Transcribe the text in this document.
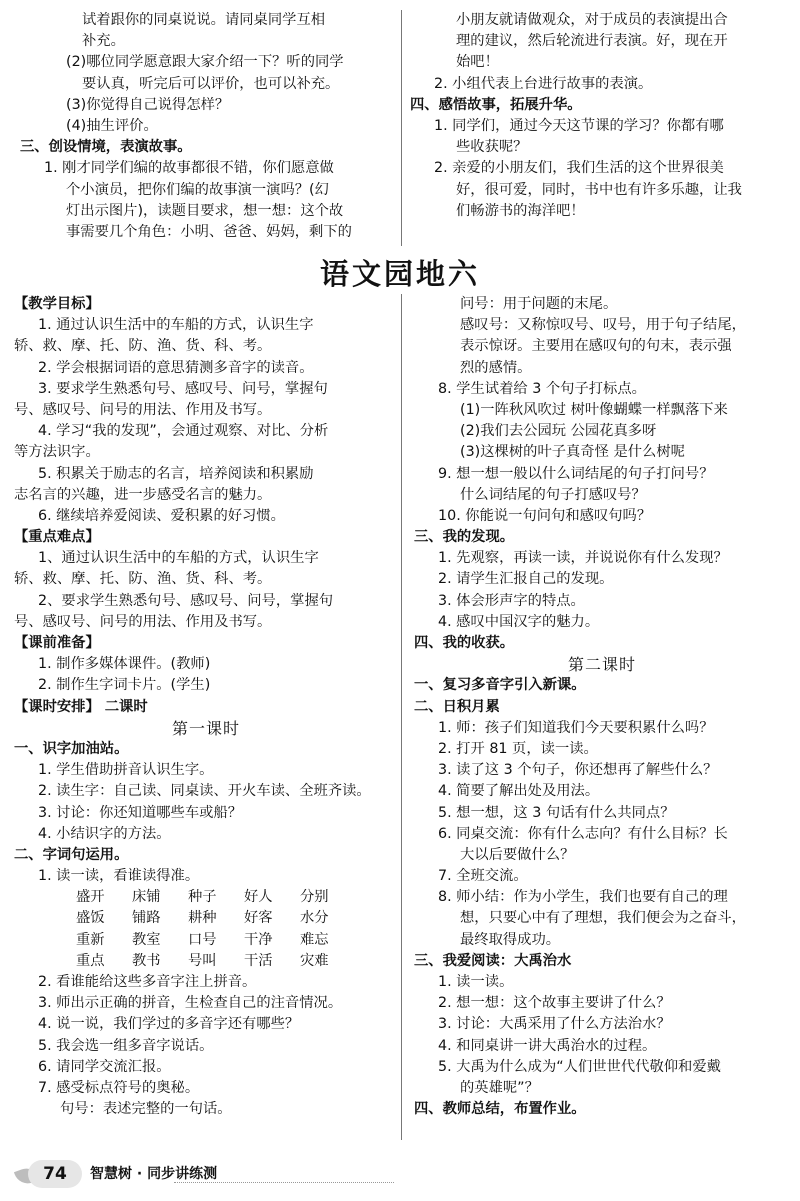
试着跟你的同桌说说。请同桌同学互相
补充。
(2)哪位同学愿意跟大家介绍一下？听的同学
要认真，听完后可以评价，也可以补充。
(3)你觉得自己说得怎样？
(4)抽生评价。
三、创设情境，表演故事。
1. 刚才同学们编的故事都很不错，你们愿意做
个小演员，把你们编的故事演一演吗？(幻
灯出示图片)，读题目要求，想一想：这个故
事需要几个角色：小明、爸爸、妈妈，剩下的
小朋友就请做观众，对于成员的表演提出合
理的建议，然后轮流进行表演。好，现在开
始吧！
2. 小组代表上台进行故事的表演。
四、感悟故事，拓展升华。
1. 同学们，通过今天这节课的学习？你都有哪
些收获呢？
2. 亲爱的小朋友们，我们生活的这个世界很美
好，很可爱，同时，书中也有许多乐趣，让我
们畅游书的海洋吧！
语文园地六
【教学目标】
1. 通过认识生活中的车船的方式，认识生字
轿、救、摩、托、防、渔、货、科、考。
2. 学会根据词语的意思猜测多音字的读音。
3. 要求学生熟悉句号、感叹号、问号，掌握句
号、感叹号、问号的用法、作用及书写。
4. 学习“我的发现”，会通过观察、对比、分析
等方法识字。
5. 积累关于励志的名言，培养阅读和积累励
志名言的兴趣，进一步感受名言的魅力。
6. 继续培养爱阅读、爱积累的好习惯。
【重点难点】
1、通过认识生活中的车船的方式，认识生字
轿、救、摩、托、防、渔、货、科、考。
2、要求学生熟悉句号、感叹号、问号，掌握句
号、感叹号、问号的用法、作用及书写。
【课前准备】
1. 制作多媒体课件。(教师)
2. 制作生字词卡片。(学生)
【课时安排】 二课时
第一课时
一、识字加油站。
1. 学生借助拼音认识生字。
2. 读生字：自己读、同桌读、开火车读、全班齐读。
3. 讨论：你还知道哪些车或船？
4. 小结识字的方法。
二、字词句运用。
1. 读一读，看谁读得准。
盛开	床铺	种子	好人	分别
盛饭	铺路	耕种	好客	水分
重新	教室	口号	干净	难忘
重点	教书	号叫	干活	灾难
2. 看谁能给这些多音字注上拼音。
3. 师出示正确的拼音，生检查自己的注音情况。
4. 说一说，我们学过的多音字还有哪些？
5. 我会选一组多音字说话。
6. 请同学交流汇报。
7. 感受标点符号的奥秘。
句号：表述完整的一句话。
问号：用于问题的末尾。
感叹号：又称惊叹号、叹号，用于句子结尾，
表示惊讶。主要用在感叹句的句末，表示强
烈的感情。
8. 学生试着给 3 个句子打标点。
(1)一阵秋风吹过 树叶像蝴蝶一样飘落下来
(2)我们去公园玩 公园花真多呀
(3)这棵树的叶子真奇怪 是什么树呢
9. 想一想一般以什么词结尾的句子打问号？
什么词结尾的句子打感叹号？
10. 你能说一句问句和感叹句吗？
三、我的发现。
1. 先观察，再读一读，并说说你有什么发现？
2. 请学生汇报自己的发现。
3. 体会形声字的特点。
4. 感叹中国汉字的魅力。
四、我的收获。
第二课时
一、复习多音字引入新课。
二、日积月累
1. 师：孩子们知道我们今天要积累什么吗？
2. 打开 81 页，读一读。
3. 读了这 3 个句子，你还想再了解些什么？
4. 简要了解出处及用法。
5. 想一想，这 3 句话有什么共同点？
6. 同桌交流：你有什么志向？有什么目标？长
大以后要做什么？
7. 全班交流。
8. 师小结：作为小学生，我们也要有自己的理
想，只要心中有了理想，我们便会为之奋斗，
最终取得成功。
三、我爱阅读：大禹治水
1. 读一读。
2. 想一想：这个故事主要讲了什么？
3. 讨论：大禹采用了什么方法治水？
4. 和同桌讲一讲大禹治水的过程。
5. 大禹为什么成为“人们世世代代敬仰和爱戴
的英雄呢”？
四、教师总结，布置作业。
74	智慧树 · 同步讲练测
